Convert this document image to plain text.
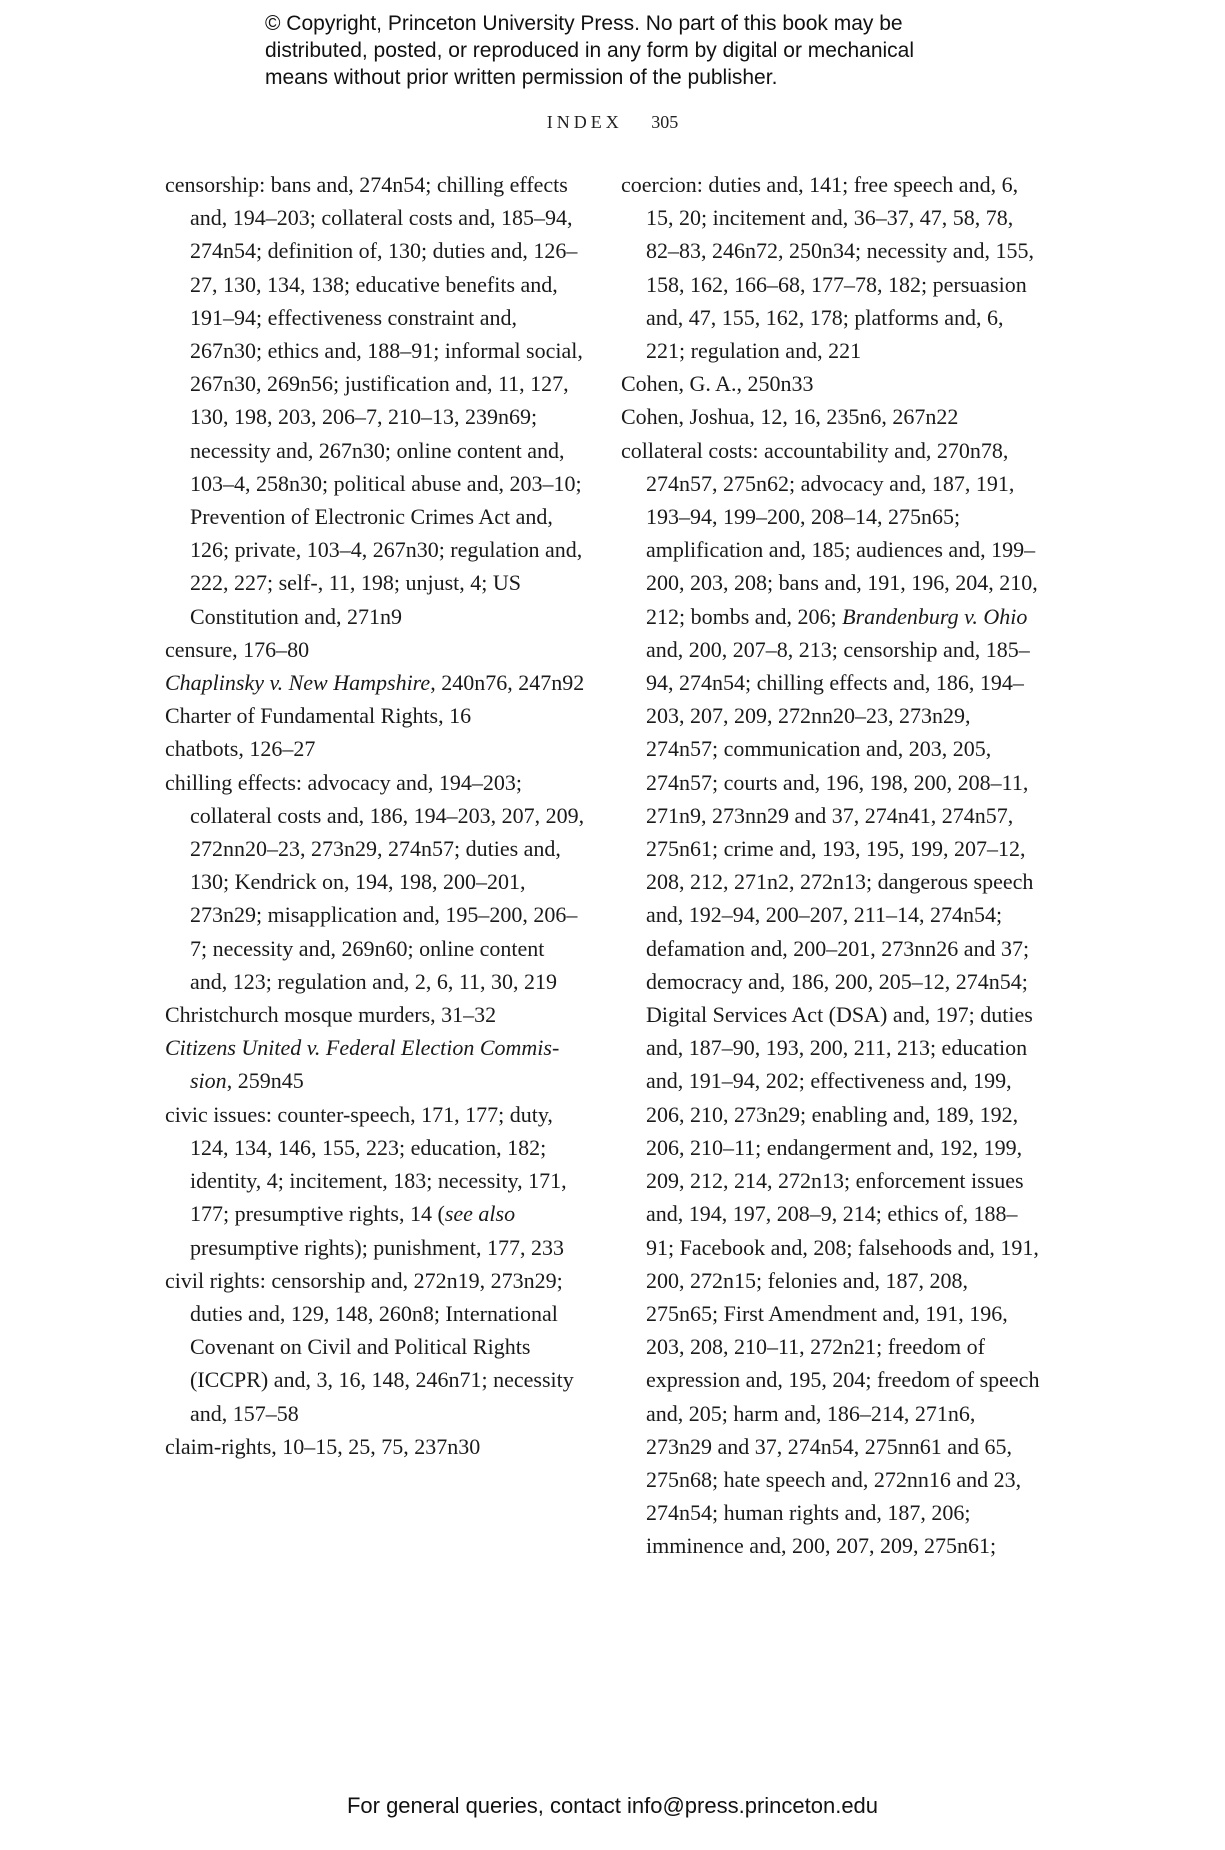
© Copyright, Princeton University Press. No part of this book may be
distributed, posted, or reproduced in any form by digital or mechanical
means without prior written permission of the publisher.
INDEX 305
censorship: bans and, 274n54; chilling effects and, 194–203; collateral costs and, 185–94, 274n54; definition of, 130; duties and, 126–27, 130, 134, 138; educative benefits and, 191–94; effectiveness constraint and, 267n30; ethics and, 188–91; informal social, 267n30, 269n56; justification and, 11, 127, 130, 198, 203, 206–7, 210–13, 239n69; necessity and, 267n30; online content and, 103–4, 258n30; political abuse and, 203–10; Prevention of Electronic Crimes Act and, 126; private, 103–4, 267n30; regulation and, 222, 227; self-, 11, 198; unjust, 4; US Constitution and, 271n9
censure, 176–80
Chaplinsky v. New Hampshire, 240n76, 247n92
Charter of Fundamental Rights, 16
chatbots, 126–27
chilling effects: advocacy and, 194–203; collateral costs and, 186, 194–203, 207, 209, 272nn20–23, 273n29, 274n57; duties and, 130; Kendrick on, 194, 198, 200–201, 273n29; misapplication and, 195–200, 206–7; necessity and, 269n60; online content and, 123; regulation and, 2, 6, 11, 30, 219
Christchurch mosque murders, 31–32
Citizens United v. Federal Election Commission, 259n45
civic issues: counter-speech, 171, 177; duty, 124, 134, 146, 155, 223; education, 182; identity, 4; incitement, 183; necessity, 171, 177; presumptive rights, 14 (see also presumptive rights); punishment, 177, 233
civil rights: censorship and, 272n19, 273n29; duties and, 129, 148, 260n8; International Covenant on Civil and Political Rights (ICCPR) and, 3, 16, 148, 246n71; necessity and, 157–58
claim-rights, 10–15, 25, 75, 237n30
coercion: duties and, 141; free speech and, 6, 15, 20; incitement and, 36–37, 47, 58, 78, 82–83, 246n72, 250n34; necessity and, 155, 158, 162, 166–68, 177–78, 182; persuasion and, 47, 155, 162, 178; platforms and, 6, 221; regulation and, 221
Cohen, G. A., 250n33
Cohen, Joshua, 12, 16, 235n6, 267n22
collateral costs: accountability and, 270n78, 274n57, 275n62; advocacy and, 187, 191, 193–94, 199–200, 208–14, 275n65; amplification and, 185; audiences and, 199–200, 203, 208; bans and, 191, 196, 204, 210, 212; bombs and, 206; Brandenburg v. Ohio and, 200, 207–8, 213; censorship and, 185–94, 274n54; chilling effects and, 186, 194–203, 207, 209, 272nn20–23, 273n29, 274n57; communication and, 203, 205, 274n57; courts and, 196, 198, 200, 208–11, 271n9, 273nn29 and 37, 274n41, 274n57, 275n61; crime and, 193, 195, 199, 207–12, 208, 212, 271n2, 272n13; dangerous speech and, 192–94, 200–207, 211–14, 274n54; defamation and, 200–201, 273nn26 and 37; democracy and, 186, 200, 205–12, 274n54; Digital Services Act (DSA) and, 197; duties and, 187–90, 193, 200, 211, 213; education and, 191–94, 202; effectiveness and, 199, 206, 210, 273n29; enabling and, 189, 192, 206, 210–11; endangerment and, 192, 199, 209, 212, 214, 272n13; enforcement issues and, 194, 197, 208–9, 214; ethics of, 188–91; Facebook and, 208; falsehoods and, 191, 200, 272n15; felonies and, 187, 208, 275n65; First Amendment and, 191, 196, 203, 208, 210–11, 272n21; freedom of expression and, 195, 204; freedom of speech and, 205; harm and, 186–214, 271n6, 273n29 and 37, 274n54, 275nn61 and 65, 275n68; hate speech and, 272nn16 and 23, 274n54; human rights and, 187, 206; imminence and, 200, 207, 209, 275n61;
For general queries, contact info@press.princeton.edu
